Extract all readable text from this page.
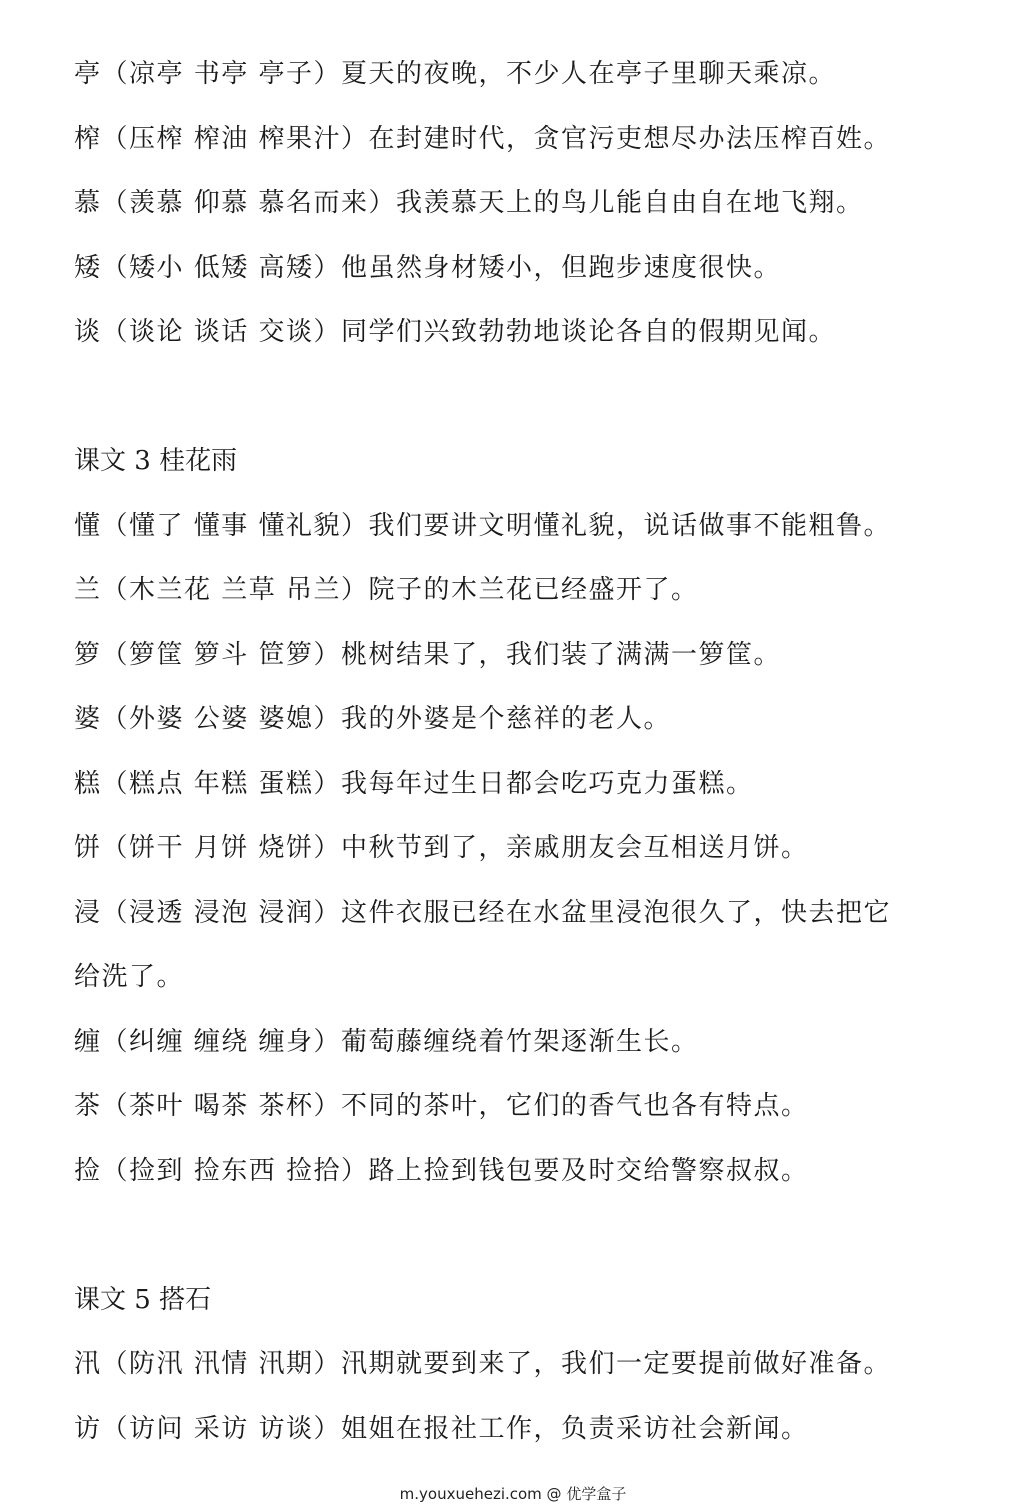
亭（凉亭 书亭 亭子）夏天的夜晚，不少人在亭子里聊天乘凉。
榨（压榨 榨油 榨果汁）在封建时代，贪官污吏想尽办法压榨百姓。
慕（羡慕 仰慕 慕名而来）我羡慕天上的鸟儿能自由自在地飞翔。
矮（矮小 低矮 高矮）他虽然身材矮小，但跑步速度很快。
谈（谈论 谈话 交谈）同学们兴致勃勃地谈论各自的假期见闻。
课文 3 桂花雨
懂（懂了 懂事 懂礼貌）我们要讲文明懂礼貌，说话做事不能粗鲁。
兰（木兰花 兰草 吊兰）院子的木兰花已经盛开了。
箩（箩筐 箩斗 笸箩）桃树结果了，我们装了满满一箩筐。
婆（外婆 公婆 婆媳）我的外婆是个慈祥的老人。
糕（糕点 年糕 蛋糕）我每年过生日都会吃巧克力蛋糕。
饼（饼干 月饼 烧饼）中秋节到了，亲戚朋友会互相送月饼。
浸（浸透 浸泡 浸润）这件衣服已经在水盆里浸泡很久了，快去把它
给洗了。
缠（纠缠 缠绕 缠身）葡萄藤缠绕着竹架逐渐生长。
茶（茶叶 喝茶 茶杯）不同的茶叶，它们的香气也各有特点。
捡（捡到 捡东西 捡拾）路上捡到钱包要及时交给警察叔叔。
课文 5 搭石
汛（防汛 汛情 汛期）汛期就要到来了，我们一定要提前做好准备。
访（访问 采访 访谈）姐姐在报社工作，负责采访社会新闻。
m.youxuehezi.com @ 优学盒子
